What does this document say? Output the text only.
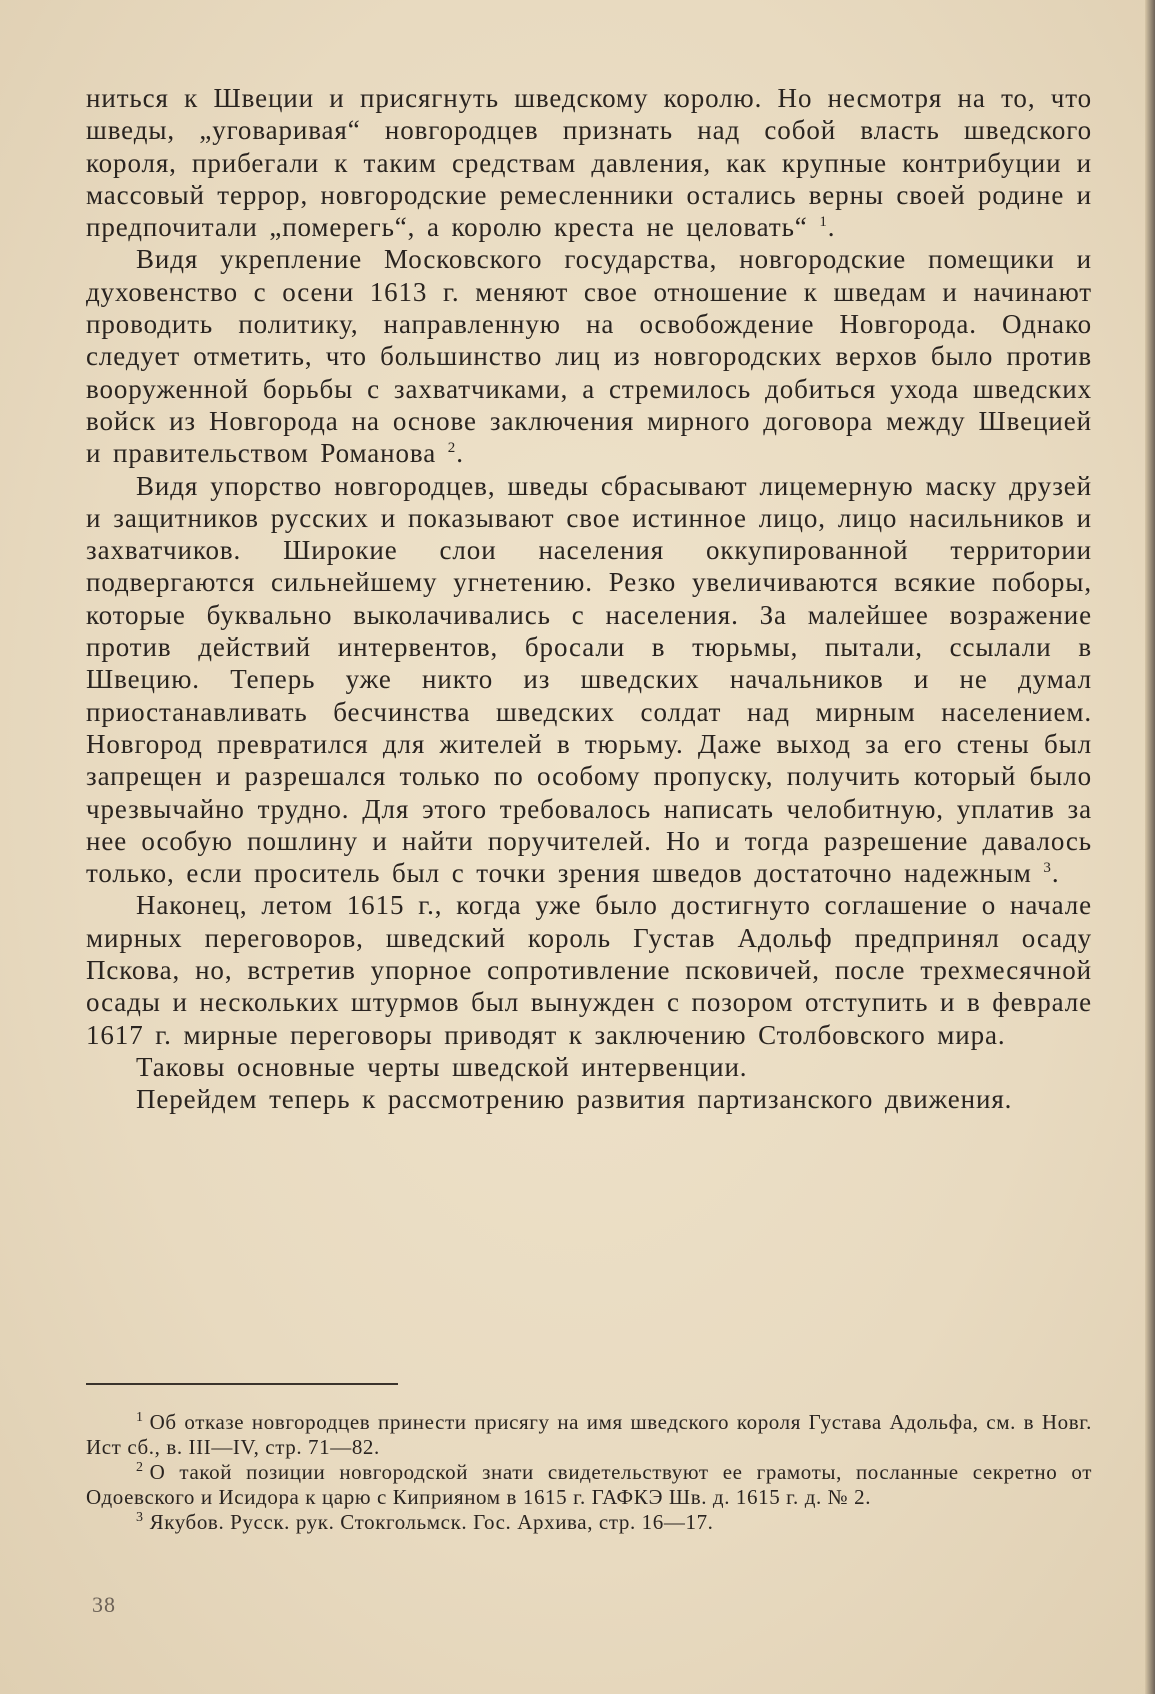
ниться к Швеции и присягнуть шведскому королю. Но несмотря на то, что шведы, „уговаривая“ новгородцев признать над собой власть шведского короля, прибегали к таким средствам давления, как крупные контрибуции и массовый террор, новгородские ремесленники остались верны своей родине и предпочитали „померегь“, а королю креста не целовать“ $^1$.

Видя укрепление Московского государства, новгородские помещики и духовенство с осени 1613 г. меняют свое отношение к шведам и начинают проводить политику, направленную на освобождение Новгорода. Однако следует отметить, что большинство лиц из новгородских верхов было против вооруженной борьбы с захватчиками, а стремилось добиться ухода шведских войск из Новгорода на основе заключения мирного договора между Швецией и правительством Романова $^2$.

Видя упорство новгородцев, шведы сбрасывают лицемерную маску друзей и защитников русских и показывают свое истинное лицо, лицо насильников и захватчиков. Широкие слои населения оккупированной территории подвергаются сильнейшему угнетению. Резко увеличиваются всякие поборы, которые буквально выколачивались с населения. За малейшее возражение против действий интервентов, бросали в тюрьмы, пытали, ссылали в Швецию. Теперь уже никто из шведских начальников и не думал приостанавливать бесчинства шведских солдат над мирным населением. Новгород превратился для жителей в тюрьму. Даже выход за его стены был запрещен и разрешался только по особому пропуску, получить который было чрезвычайно трудно. Для этого требовалось написать челобитную, уплатив за нее особую пошлину и найти поручителей. Но и тогда разрешение давалось только, если проситель был с точки зрения шведов достаточно надежным $^3$.

Наконец, летом 1615 г., когда уже было достигнуто соглашение о начале мирных переговоров, шведский король Густав Адольф предпринял осаду Пскова, но, встретив упорное сопротивление псковичей, после трехмесячной осады и нескольких штурмов был вынужден с позором отступить и в феврале 1617 г. мирные переговоры приводят к заключению Столбовского мира.

Таковы основные черты шведской интервенции.

Перейдем теперь к рассмотрению развития партизанского движения.

$^1$ Об отказе новгородцев принести присягу на имя шведского короля Густава Адольфа, см. в Новг. Ист сб., в. III—IV, стр. 71—82.

$^2$ О такой позиции новгородской знати свидетельствуют ее грамоты, посланные секретно от Одоевского и Исидора к царю с Киприяном в 1615 г. ГАФКЭ Шв. д. 1615 г. д. № 2.

$^3$ Якубов. Русск. рук. Стокгольмск. Гос. Архива, стр. 16—17.

38
